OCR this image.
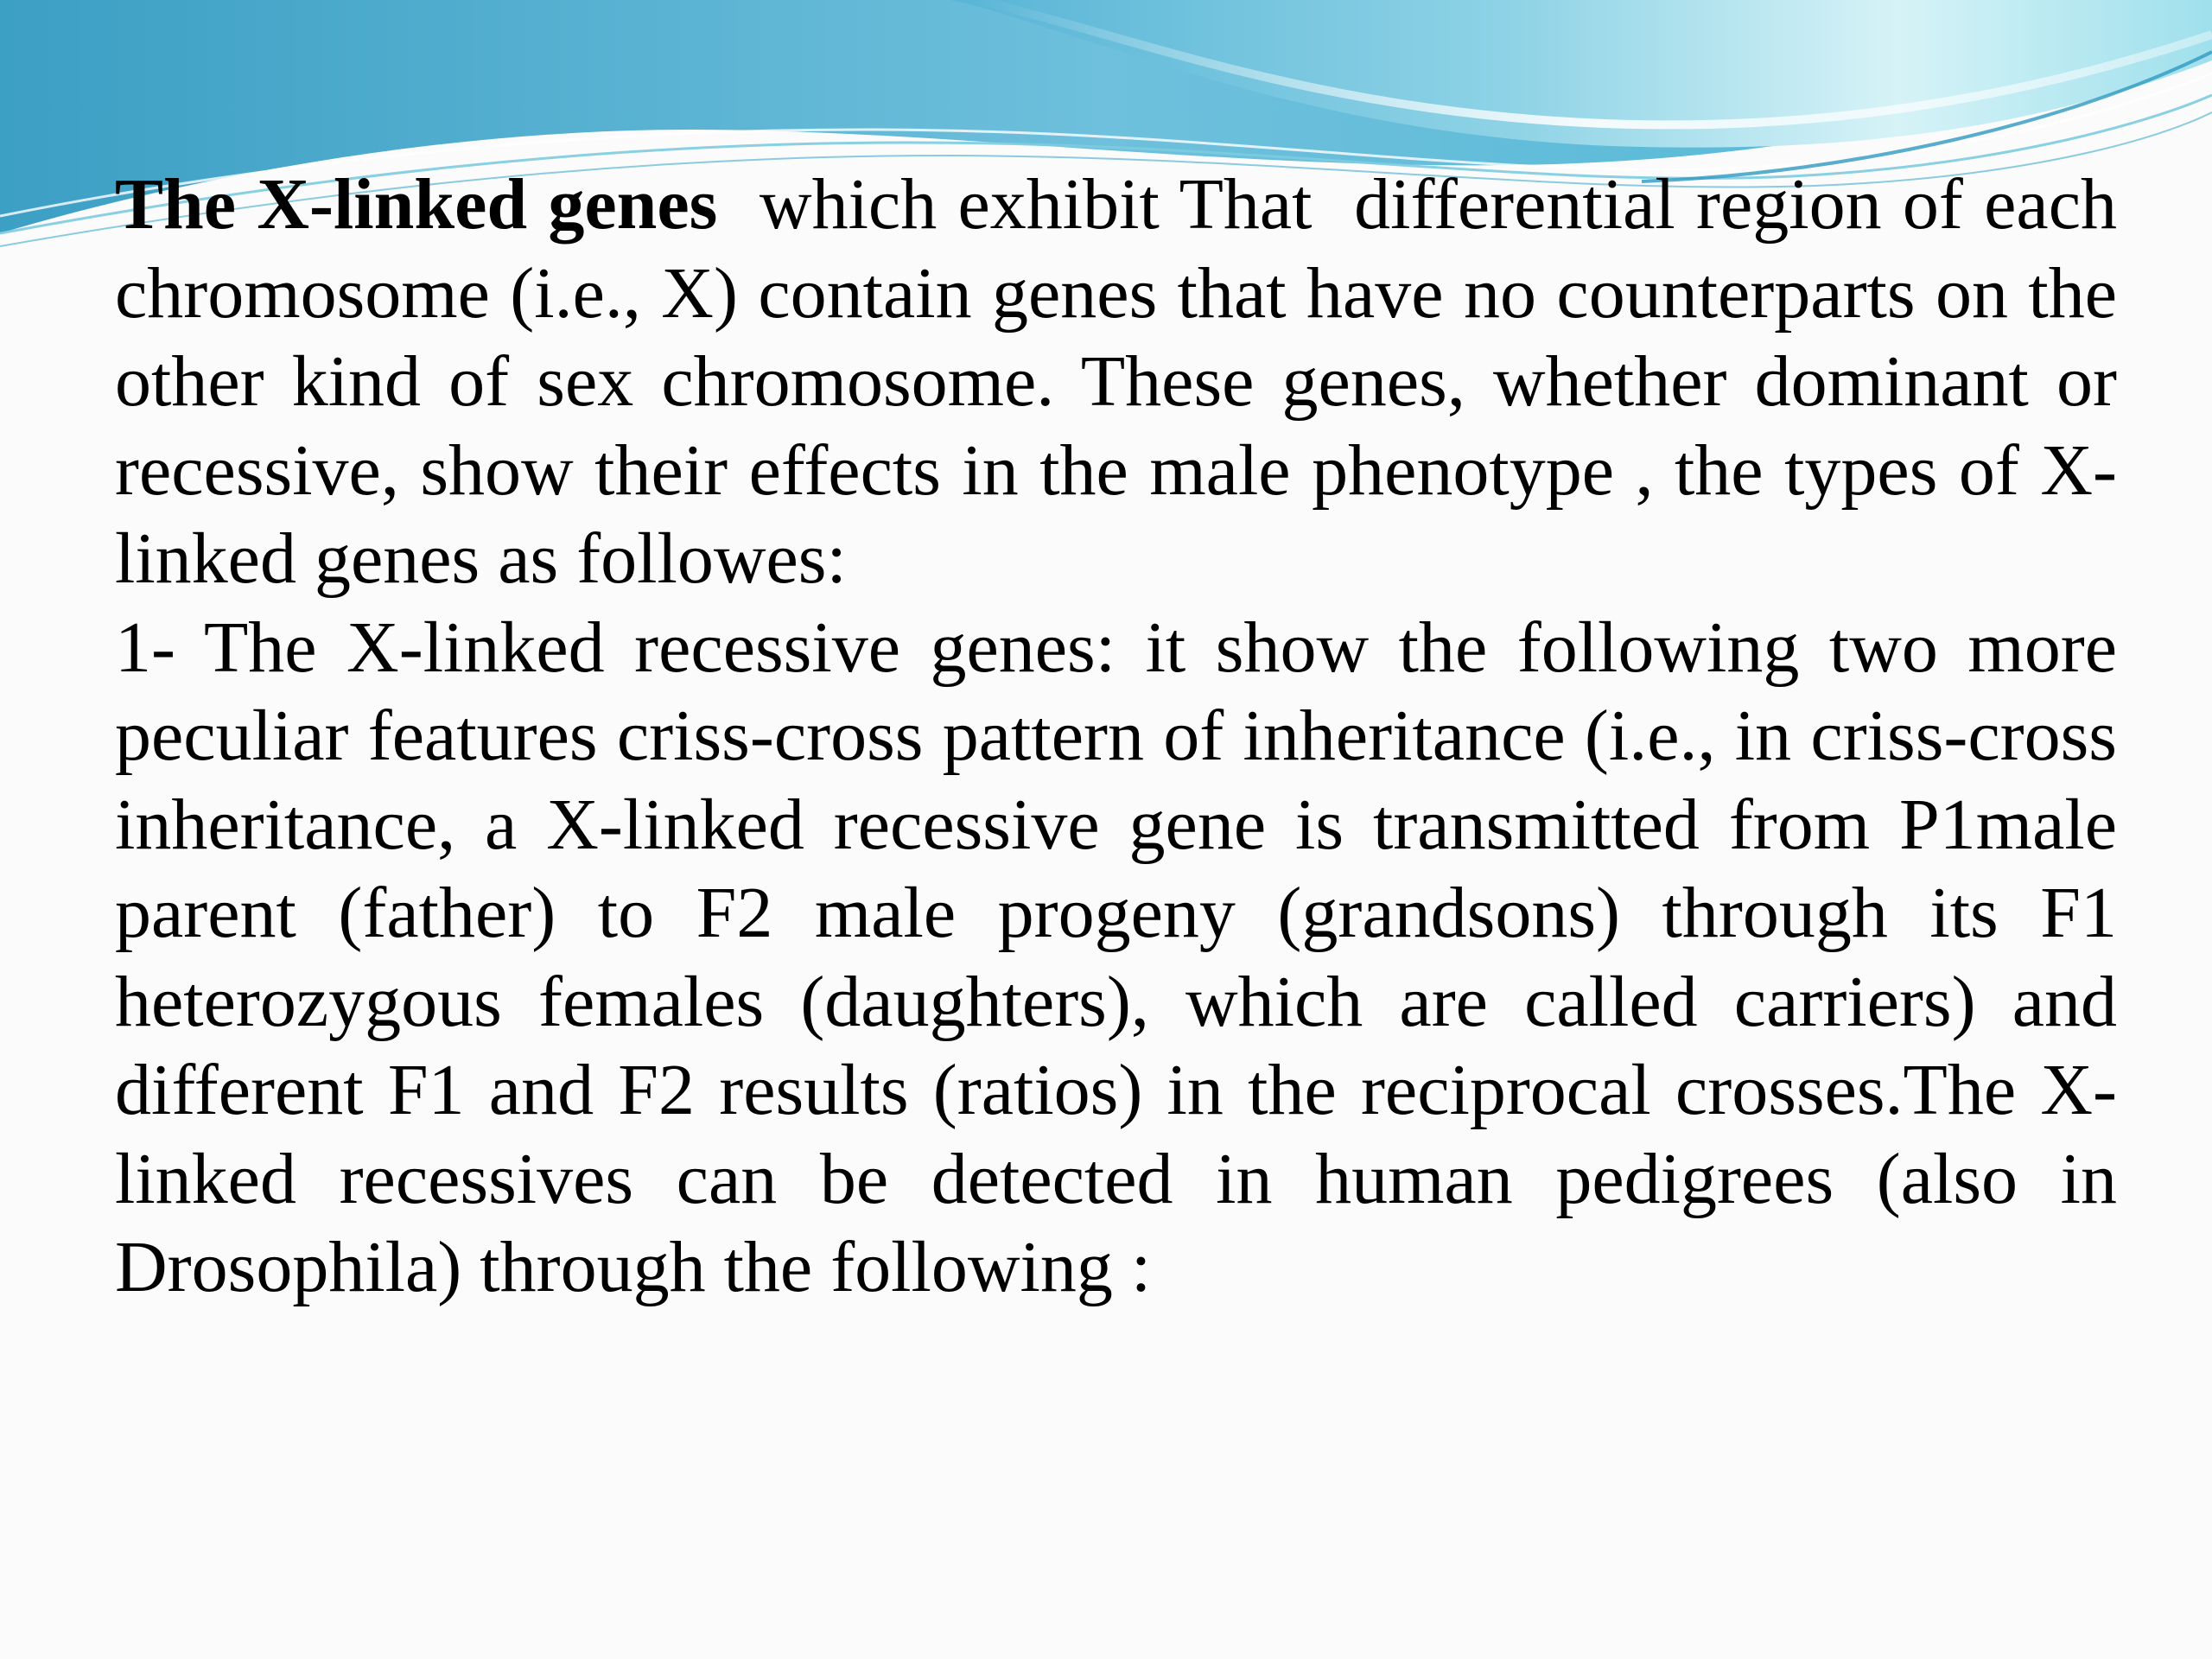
The X-linked genes  which exhibit That  differential region of each chromosome (i.e., X) contain genes that have no counterparts on the other kind of sex chromosome. These genes, whether dominant or recessive, show their effects in the male phenotype , the types of X- linked genes as followes:

1- The X-linked recessive genes: it show the following two more peculiar features criss-cross pattern of inheritance (i.e., in criss-cross inheritance, a X-linked recessive gene is transmitted from P1male parent (father) to F2 male progeny (grandsons) through its F1 heterozygous females (daughters), which are called carriers) and different F1 and F2 results (ratios) in the reciprocal crosses.The X-linked recessives can be detected in human pedigrees (also in Drosophila) through the following :
